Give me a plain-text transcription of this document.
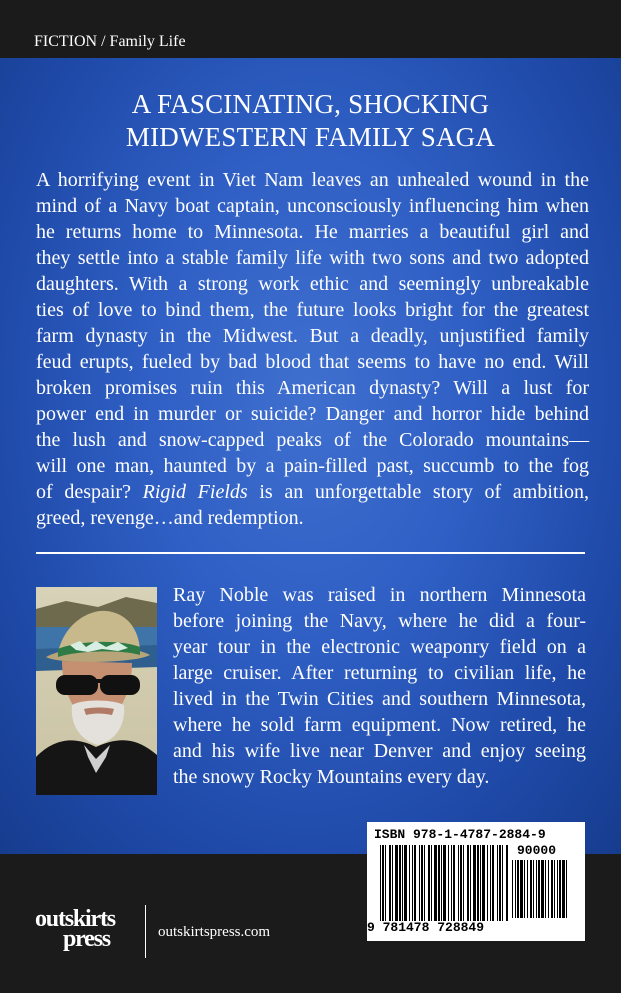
FICTION / Family Life
A FASCINATING, SHOCKING
MIDWESTERN FAMILY SAGA
A horrifying event in Viet Nam leaves an unhealed wound in the
mind of a Navy boat captain, unconsciously influencing him when
he returns home to Minnesota. He marries a beautiful girl and
they settle into a stable family life with two sons and two adopted
daughters. With a strong work ethic and seemingly unbreakable
ties of love to bind them, the future looks bright for the greatest
farm dynasty in the Midwest. But a deadly, unjustified family
feud erupts, fueled by bad blood that seems to have no end. Will
broken promises ruin this American dynasty? Will a lust for
power end in murder or suicide? Danger and horror hide behind
the lush and snow-capped peaks of the Colorado mountains—
will one man, haunted by a pain-filled past, succumb to the fog
of despair? Rigid Fields is an unforgettable story of ambition,
greed, revenge…and redemption.
Ray Noble was raised in northern Minnesota
before joining the Navy, where he did a four-
year tour in the electronic weaponry field on a
large cruiser. After returning to civilian life, he
lived in the Twin Cities and southern Minnesota,
where he sold farm equipment. Now retired, he
and his wife live near Denver and enjoy seeing
the snowy Rocky Mountains every day.
outskirts
press	outskirtspress.com
ISBN 978-1-4787-2884-9
90000
9 781478 728849
